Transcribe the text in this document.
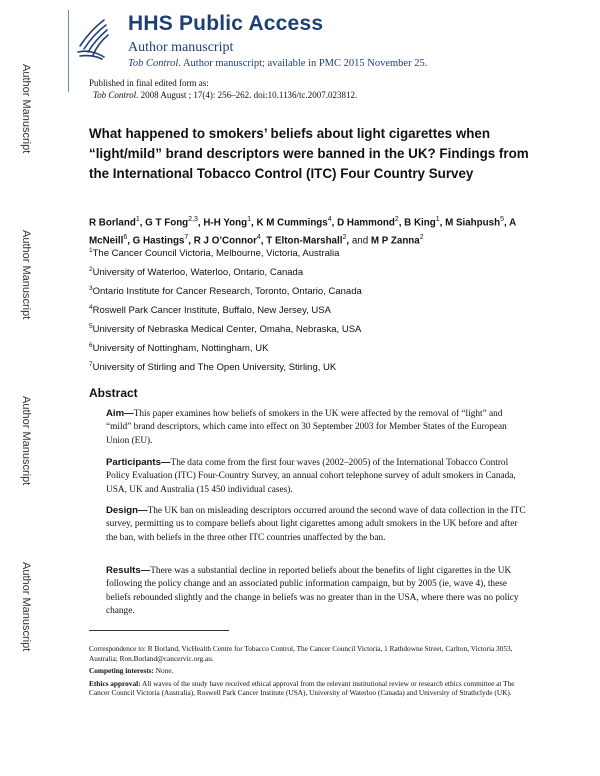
Author Manuscript
Author Manuscript
Author Manuscript
Author Manuscript
HHS Public Access
Author manuscript
Tob Control. Author manuscript; available in PMC 2015 November 25.
Published in final edited form as:
Tob Control. 2008 August ; 17(4): 256–262. doi:10.1136/tc.2007.023812.
What happened to smokers’ beliefs about light cigarettes when “light/mild” brand descriptors were banned in the UK? Findings from the International Tobacco Control (ITC) Four Country Survey
R Borland$^1$, G T Fong$^{2,3}$, H-H Yong$^1$, K M Cummings$^4$, D Hammond$^2$, B King$^1$, M Siahpush$^5$, A McNeill$^6$, G Hastings$^7$, R J O’Connor$^4$, T Elton-Marshall$^2$, and M P Zanna$^2$
$^1$The Cancer Council Victoria, Melbourne, Victoria, Australia
$^2$University of Waterloo, Waterloo, Ontario, Canada
$^3$Ontario Institute for Cancer Research, Toronto, Ontario, Canada
$^4$Roswell Park Cancer Institute, Buffalo, New Jersey, USA
$^5$University of Nebraska Medical Center, Omaha, Nebraska, USA
$^6$University of Nottingham, Nottingham, UK
$^7$University of Stirling and The Open University, Stirling, UK
Abstract
Aim—This paper examines how beliefs of smokers in the UK were affected by the removal of “light” and “mild” brand descriptors, which came into effect on 30 September 2003 for Member States of the European Union (EU).
Participants—The data come from the first four waves (2002–2005) of the International Tobacco Control Policy Evaluation (ITC) Four-Country Survey, an annual cohort telephone survey of adult smokers in Canada, USA, UK and Australia (15 450 individual cases).
Design—The UK ban on misleading descriptors occurred around the second wave of data collection in the ITC survey, permitting us to compare beliefs about light cigarettes among adult smokers in the UK before and after the ban, with beliefs in the three other ITC countries unaffected by the ban.
Results—There was a substantial decline in reported beliefs about the benefits of light cigarettes in the UK following the policy change and an associated public information campaign, but by 2005 (ie, wave 4), these beliefs rebounded slightly and the change in beliefs was no greater than in the USA, where there was no policy change.

Correspondence to: R Borland, VicHealth Centre for Tobacco Control, The Cancer Council Victoria, 1 Rathdowne Street, Carlton, Victoria 3053, Australia; Ron.Borland@cancervic.org.au.

Competing interests: None.

Ethics approval: All waves of the study have received ethical approval from the relevant institutional review or research ethics committee at The Cancer Council Victoria (Australia), Roswell Park Cancer Institute (USA), University of Waterloo (Canada) and University of Strathclyde (UK).
